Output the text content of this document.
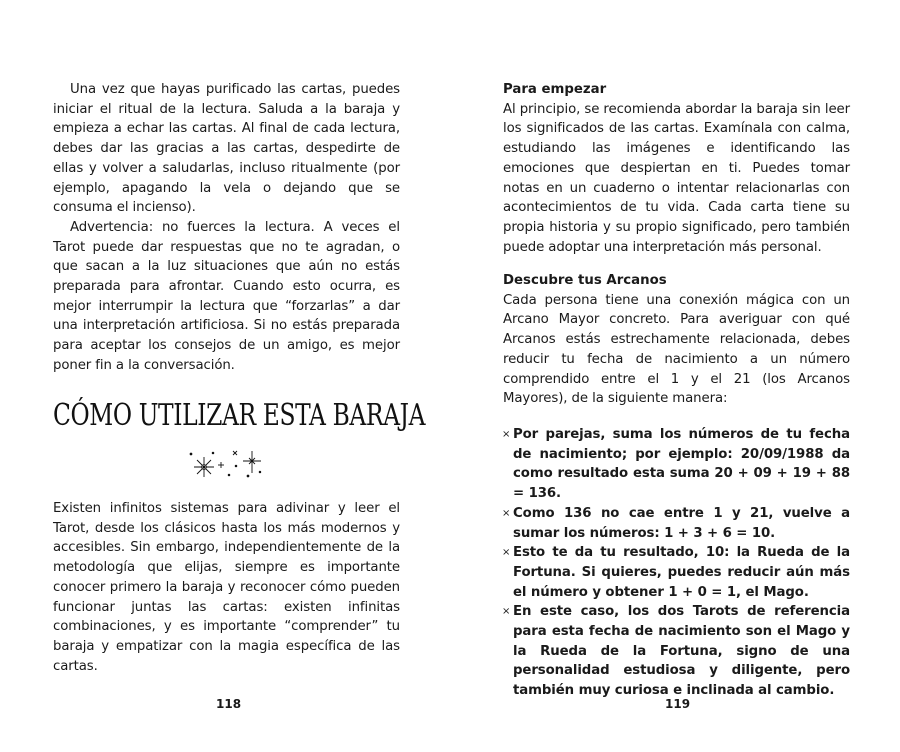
Una vez que hayas purificado las cartas, puedes iniciar el ritual de la lectura. Saluda a la baraja y empieza a echar las cartas. Al final de cada lectura, debes dar las gracias a las cartas, despedirte de ellas y volver a saludarlas, incluso ritualmente (por ejemplo, apagando la vela o dejando que se consuma el incienso).

Advertencia: no fuerces la lectura. A veces el Tarot puede dar respuestas que no te agradan, o que sacan a la luz situaciones que aún no estás preparada para afrontar. Cuando esto ocurra, es mejor interrumpir la lectura que “forzarlas” a dar una interpretación artificiosa. Si no estás preparada para aceptar los consejos de un amigo, es mejor poner fin a la conversación.

CÓMO UTILIZAR ESTA BARAJA

Existen infinitos sistemas para adivinar y leer el Tarot, desde los clásicos hasta los más modernos y accesibles. Sin embargo, independientemente de la metodología que elijas, siempre es importante conocer primero la baraja y reconocer cómo pueden funcionar juntas las cartas: existen infinitas combinaciones, y es importante “comprender” tu baraja y empatizar con la magia específica de las cartas.

118
Para empezar

Al principio, se recomienda abordar la baraja sin leer los significados de las cartas. Examínala con calma, estudiando las imágenes e identificando las emociones que despiertan en ti. Puedes tomar notas en un cuaderno o intentar relacionarlas con acontecimientos de tu vida. Cada carta tiene su propia historia y su propio significado, pero también puede adoptar una interpretación más personal.

Descubre tus Arcanos

Cada persona tiene una conexión mágica con un Arcano Mayor concreto. Para averiguar con qué Arcanos estás estrechamente relacionada, debes reducir tu fecha de nacimiento a un número comprendido entre el 1 y el 21 (los Arcanos Mayores), de la siguiente manera:

× Por parejas, suma los números de tu fecha de nacimiento; por ejemplo: 20/09/1988 da como resultado esta suma 20 + 09 + 19 + 88 = 136.
× Como 136 no cae entre 1 y 21, vuelve a sumar los números: 1 + 3 + 6 = 10.
× Esto te da tu resultado, 10: la Rueda de la Fortuna. Si quieres, puedes reducir aún más el número y obtener 1 + 0 = 1, el Mago.
× En este caso, los dos Tarots de referencia para esta fecha de nacimiento son el Mago y la Rueda de la Fortuna, signo de una personalidad estudiosa y diligente, pero también muy curiosa e inclinada al cambio.
119
